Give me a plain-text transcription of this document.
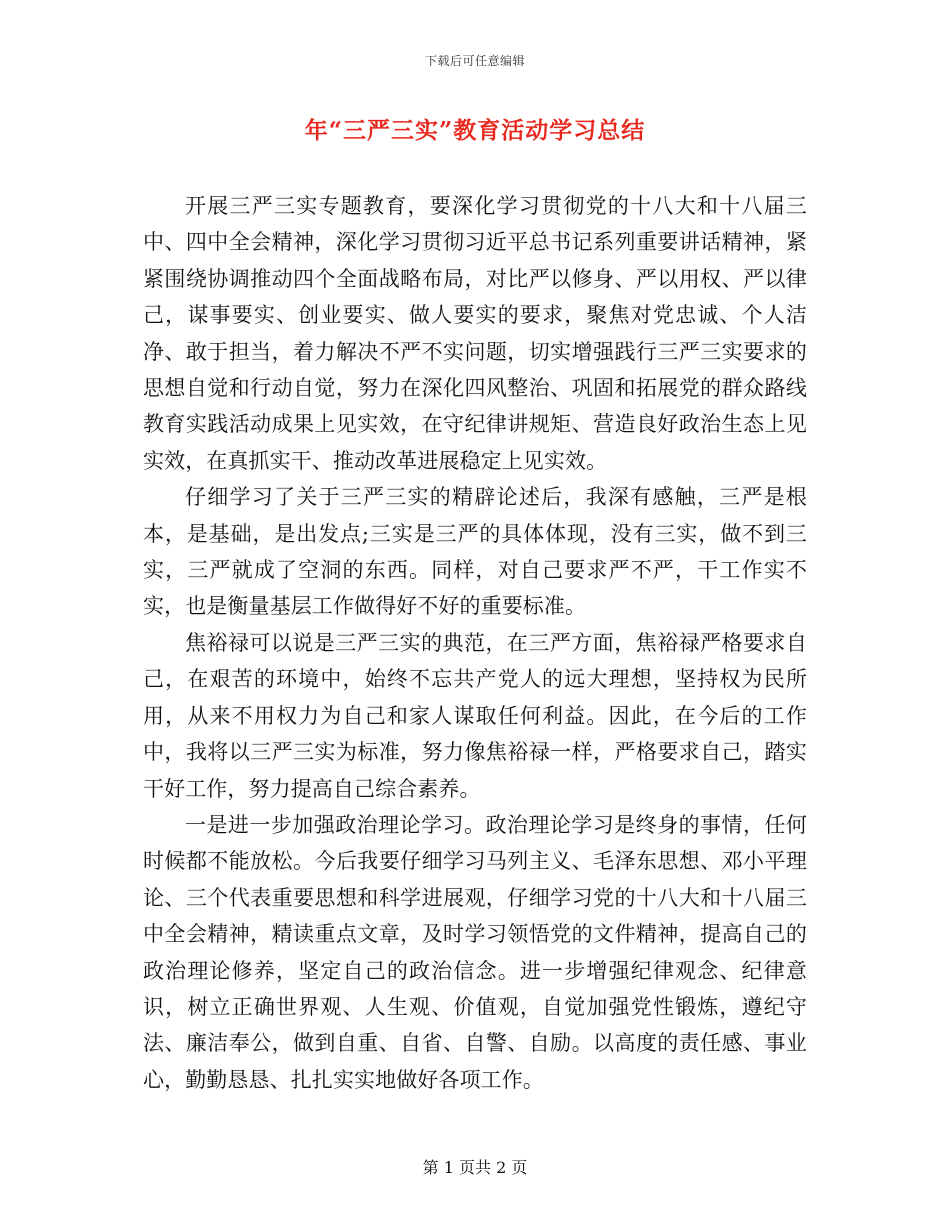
下载后可任意编辑
年“三严三实”教育活动学习总结

开展三严三实专题教育，要深化学习贯彻党的十八大和十八届三中、四中全会精神，深化学习贯彻习近平总书记系列重要讲话精神，紧紧围绕协调推动四个全面战略布局，对比严以修身、严以用权、严以律己，谋事要实、创业要实、做人要实的要求，聚焦对党忠诚、个人洁净、敢于担当，着力解决不严不实问题，切实增强践行三严三实要求的思想自觉和行动自觉，努力在深化四风整治、巩固和拓展党的群众路线教育实践活动成果上见实效，在守纪律讲规矩、营造良好政治生态上见实效，在真抓实干、推动改革进展稳定上见实效。

仔细学习了关于三严三实的精辟论述后，我深有感触，三严是根本，是基础，是出发点;三实是三严的具体体现，没有三实，做不到三实，三严就成了空洞的东西。同样，对自己要求严不严，干工作实不实，也是衡量基层工作做得好不好的重要标准。

焦裕禄可以说是三严三实的典范，在三严方面，焦裕禄严格要求自己，在艰苦的环境中，始终不忘共产党人的远大理想，坚持权为民所用，从来不用权力为自己和家人谋取任何利益。因此，在今后的工作中，我将以三严三实为标准，努力像焦裕禄一样，严格要求自己，踏实干好工作，努力提高自己综合素养。

一是进一步加强政治理论学习。政治理论学习是终身的事情，任何时候都不能放松。今后我要仔细学习马列主义、毛泽东思想、邓小平理论、三个代表重要思想和科学进展观，仔细学习党的十八大和十八届三中全会精神，精读重点文章，及时学习领悟党的文件精神，提高自己的政治理论修养，坚定自己的政治信念。进一步增强纪律观念、纪律意识，树立正确世界观、人生观、价值观，自觉加强党性锻炼，遵纪守法、廉洁奉公，做到自重、自省、自警、自励。以高度的责任感、事业心，勤勤恳恳、扎扎实实地做好各项工作。

第 1 页共 2 页
